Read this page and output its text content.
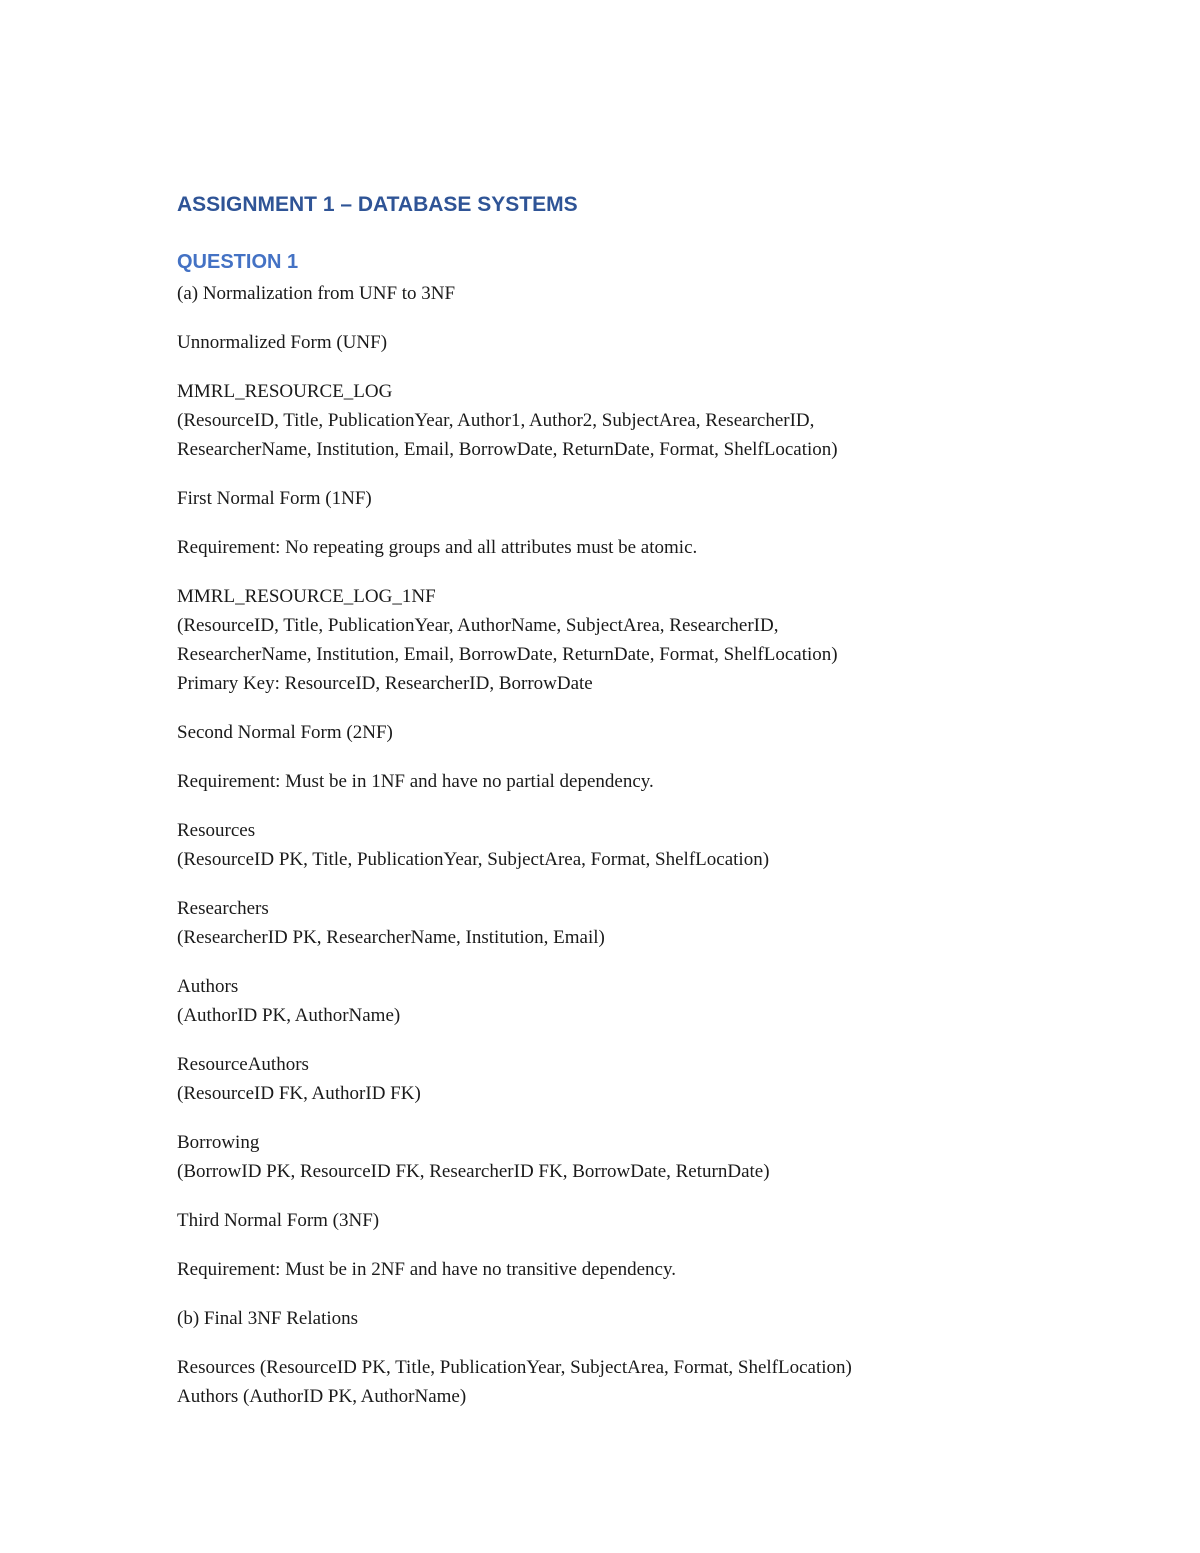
ASSIGNMENT 1 – DATABASE SYSTEMS
QUESTION 1
(a) Normalization from UNF to 3NF
Unnormalized Form (UNF)
MMRL_RESOURCE_LOG
(ResourceID, Title, PublicationYear, Author1, Author2, SubjectArea, ResearcherID,
ResearcherName, Institution, Email, BorrowDate, ReturnDate, Format, ShelfLocation)
First Normal Form (1NF)
Requirement: No repeating groups and all attributes must be atomic.
MMRL_RESOURCE_LOG_1NF
(ResourceID, Title, PublicationYear, AuthorName, SubjectArea, ResearcherID,
ResearcherName, Institution, Email, BorrowDate, ReturnDate, Format, ShelfLocation)
Primary Key: ResourceID, ResearcherID, BorrowDate
Second Normal Form (2NF)
Requirement: Must be in 1NF and have no partial dependency.
Resources
(ResourceID PK, Title, PublicationYear, SubjectArea, Format, ShelfLocation)
Researchers
(ResearcherID PK, ResearcherName, Institution, Email)
Authors
(AuthorID PK, AuthorName)
ResourceAuthors
(ResourceID FK, AuthorID FK)
Borrowing
(BorrowID PK, ResourceID FK, ResearcherID FK, BorrowDate, ReturnDate)
Third Normal Form (3NF)
Requirement: Must be in 2NF and have no transitive dependency.
(b) Final 3NF Relations
Resources (ResourceID PK, Title, PublicationYear, SubjectArea, Format, ShelfLocation)
Authors (AuthorID PK, AuthorName)
